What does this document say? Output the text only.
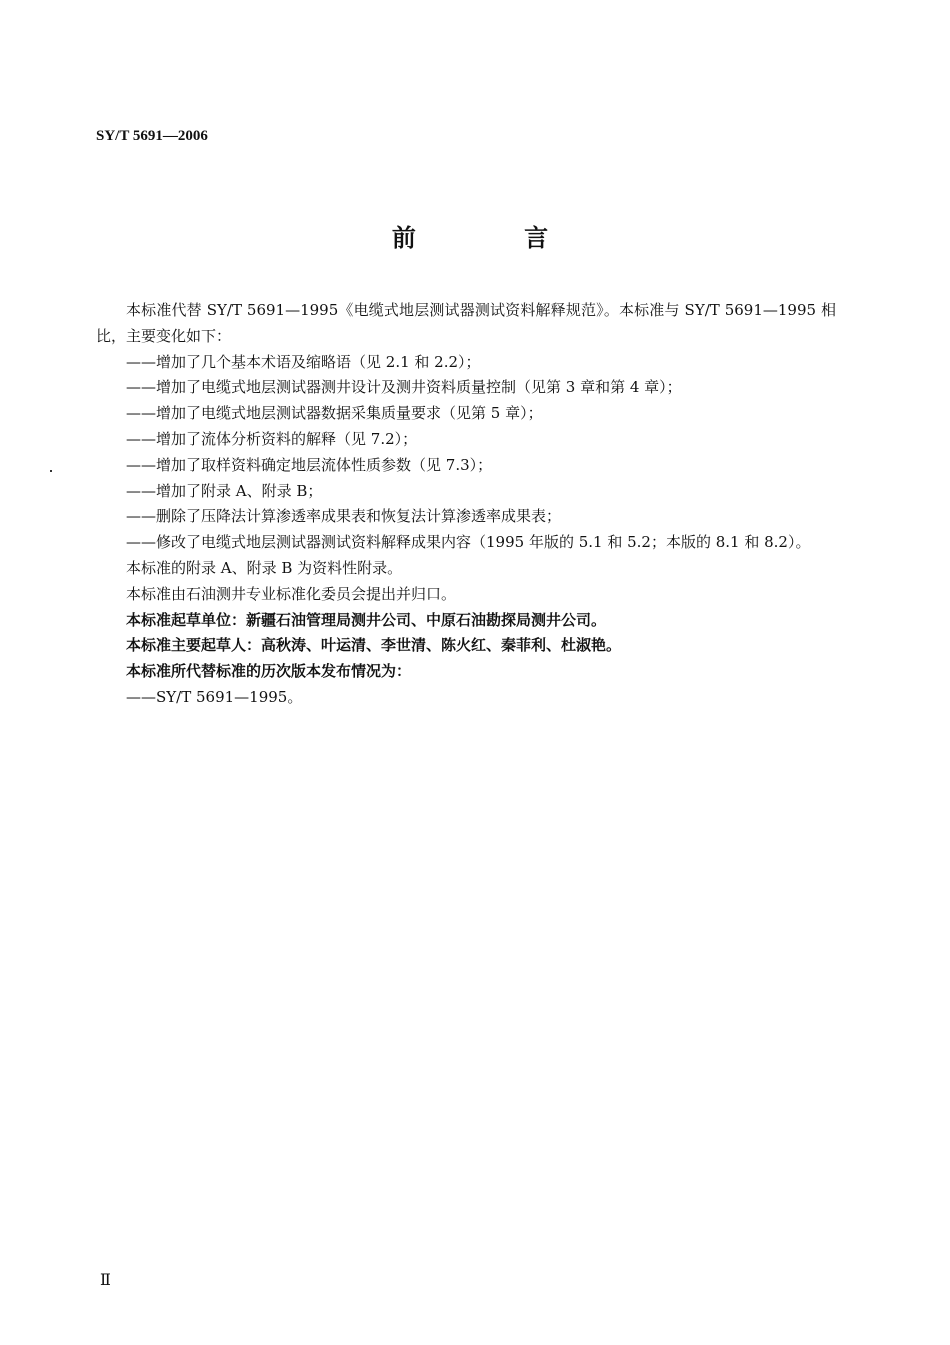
SY/T 5691—2006

前 言

本标准代替 SY/T 5691—1995《电缆式地层测试器测试资料解释规范》。本标准与 SY/T 5691—1995 相比，主要变化如下：

——增加了几个基本术语及缩略语（见 2.1 和 2.2）；

——增加了电缆式地层测试器测井设计及测井资料质量控制（见第 3 章和第 4 章）；

——增加了电缆式地层测试器数据采集质量要求（见第 5 章）；

——增加了流体分析资料的解释（见 7.2）；

——增加了取样资料确定地层流体性质参数（见 7.3）；

——增加了附录 A、附录 B；

——删除了压降法计算渗透率成果表和恢复法计算渗透率成果表；

——修改了电缆式地层测试器测试资料解释成果内容（1995 年版的 5.1 和 5.2；本版的 8.1 和 8.2）。

本标准的附录 A、附录 B 为资料性附录。

本标准由石油测井专业标准化委员会提出并归口。

本标准起草单位：新疆石油管理局测井公司、中原石油勘探局测井公司。

本标准主要起草人：高秋涛、叶运清、李世清、陈火红、秦菲利、杜淑艳。

本标准所代替标准的历次版本发布情况为：

——SY/T 5691—1995。

Ⅱ
